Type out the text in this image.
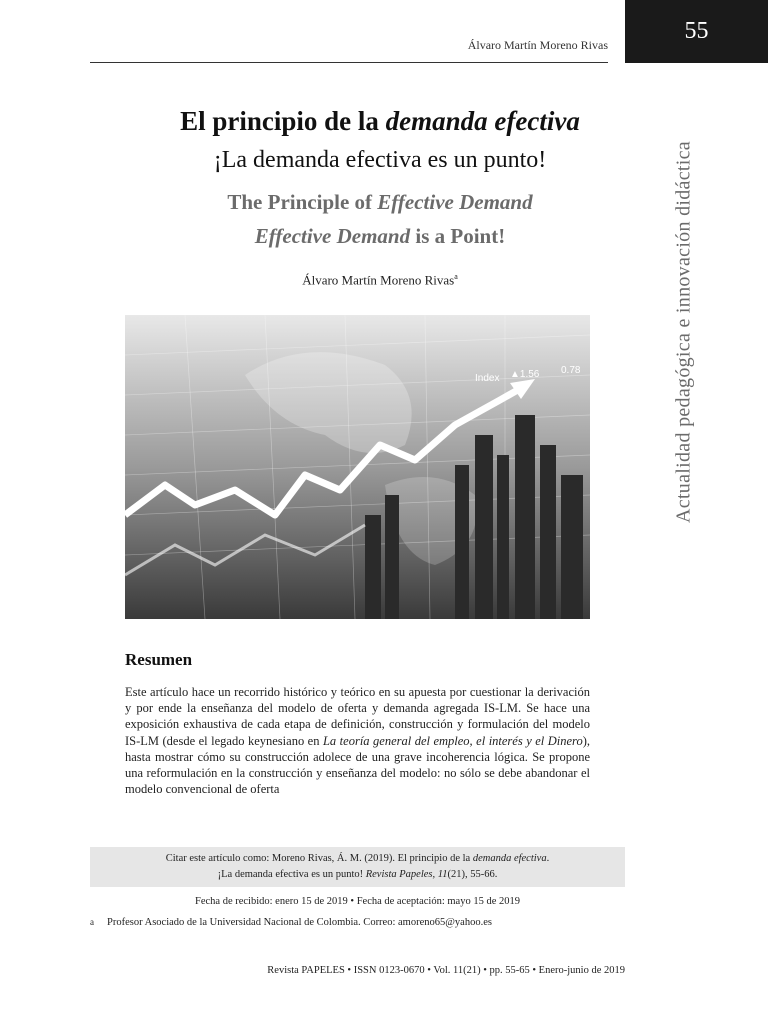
55
Álvaro Martín Moreno Rivas
Actualidad pedagógica e innovación didáctica
El principio de la demanda efectiva
¡La demanda efectiva es un punto!
The Principle of Effective Demand
Effective Demand is a Point!
Álvaro Martín Moreno Rivas$^a$
Index ▲1.56 0.78
Resumen

Este artículo hace un recorrido histórico y teórico en su apuesta por cuestionar la derivación y por ende la enseñanza del modelo de oferta y demanda agregada IS-LM. Se hace una exposición exhaustiva de cada etapa de definición, construcción y formulación del modelo IS-LM (desde el legado keynesiano en La teoría general del empleo, el interés y el Dinero), hasta mostrar cómo su construcción adolece de una grave incoherencia lógica. Se propone una reformulación en la construcción y enseñanza del modelo: no sólo se debe abandonar el modelo convencional de oferta

Citar este artículo como: Moreno Rivas, Á. M. (2019). El principio de la demanda efectiva.
¡La demanda efectiva es un punto! Revista Papeles, 11(21), 55-66.
Fecha de recibido: enero 15 de 2019 • Fecha de aceptación: mayo 15 de 2019
a Profesor Asociado de la Universidad Nacional de Colombia. Correo: amoreno65@yahoo.es
Revista PAPELES • ISSN 0123-0670 • Vol. 11(21) • pp. 55-65 • Enero-junio de 2019
